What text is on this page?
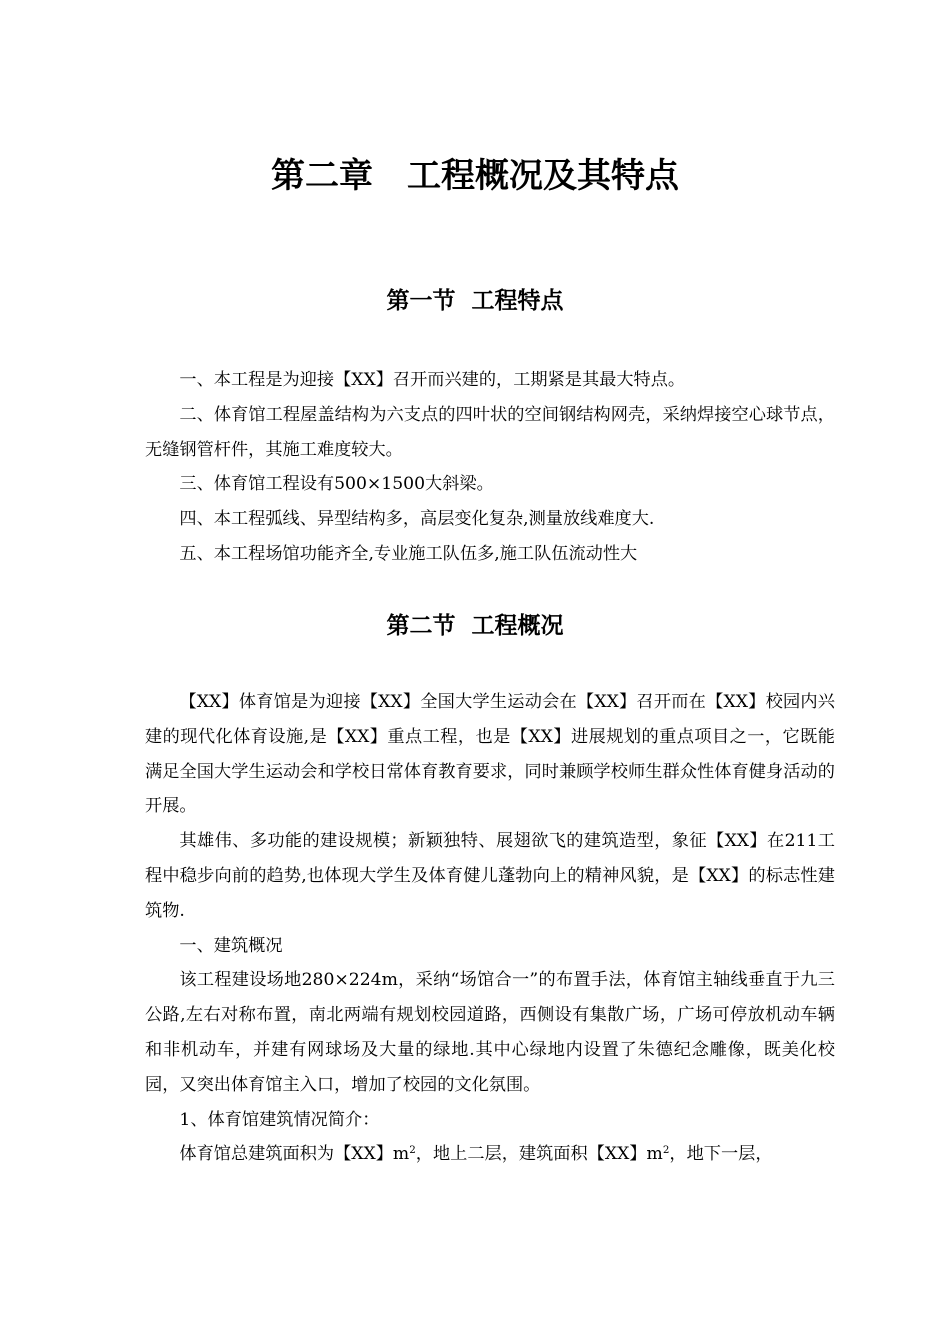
第二章　工程概况及其特点
第一节  工程特点

一、本工程是为迎接【XX】召开而兴建的，工期紧是其最大特点。

二、体育馆工程屋盖结构为六支点的四叶状的空间钢结构网壳，采纳焊接空心球节点，无缝钢管杆件，其施工难度较大。

三、体育馆工程设有500×1500大斜梁。

四、本工程弧线、异型结构多，高层变化复杂,测量放线难度大.

五、本工程场馆功能齐全,专业施工队伍多,施工队伍流动性大

第二节  工程概况

【XX】体育馆是为迎接【XX】全国大学生运动会在【XX】召开而在【XX】校园内兴建的现代化体育设施,是【XX】重点工程，也是【XX】进展规划的重点项目之一，它既能满足全国大学生运动会和学校日常体育教育要求，同时兼顾学校师生群众性体育健身活动的开展。

其雄伟、多功能的建设规模；新颖独特、展翅欲飞的建筑造型，象征【XX】在211工程中稳步向前的趋势,也体现大学生及体育健儿蓬勃向上的精神风貌，是【XX】的标志性建筑物.

一、建筑概况

该工程建设场地280×224m，采纳“场馆合一”的布置手法，体育馆主轴线垂直于九三公路,左右对称布置，南北两端有规划校园道路，西侧设有集散广场，广场可停放机动车辆和非机动车，并建有网球场及大量的绿地.其中心绿地内设置了朱德纪念雕像，既美化校园，又突出体育馆主入口，增加了校园的文化氛围。

1、体育馆建筑情况简介：

体育馆总建筑面积为【XX】$m^2$，地上二层，建筑面积【XX】$m^2$，地下一层，
